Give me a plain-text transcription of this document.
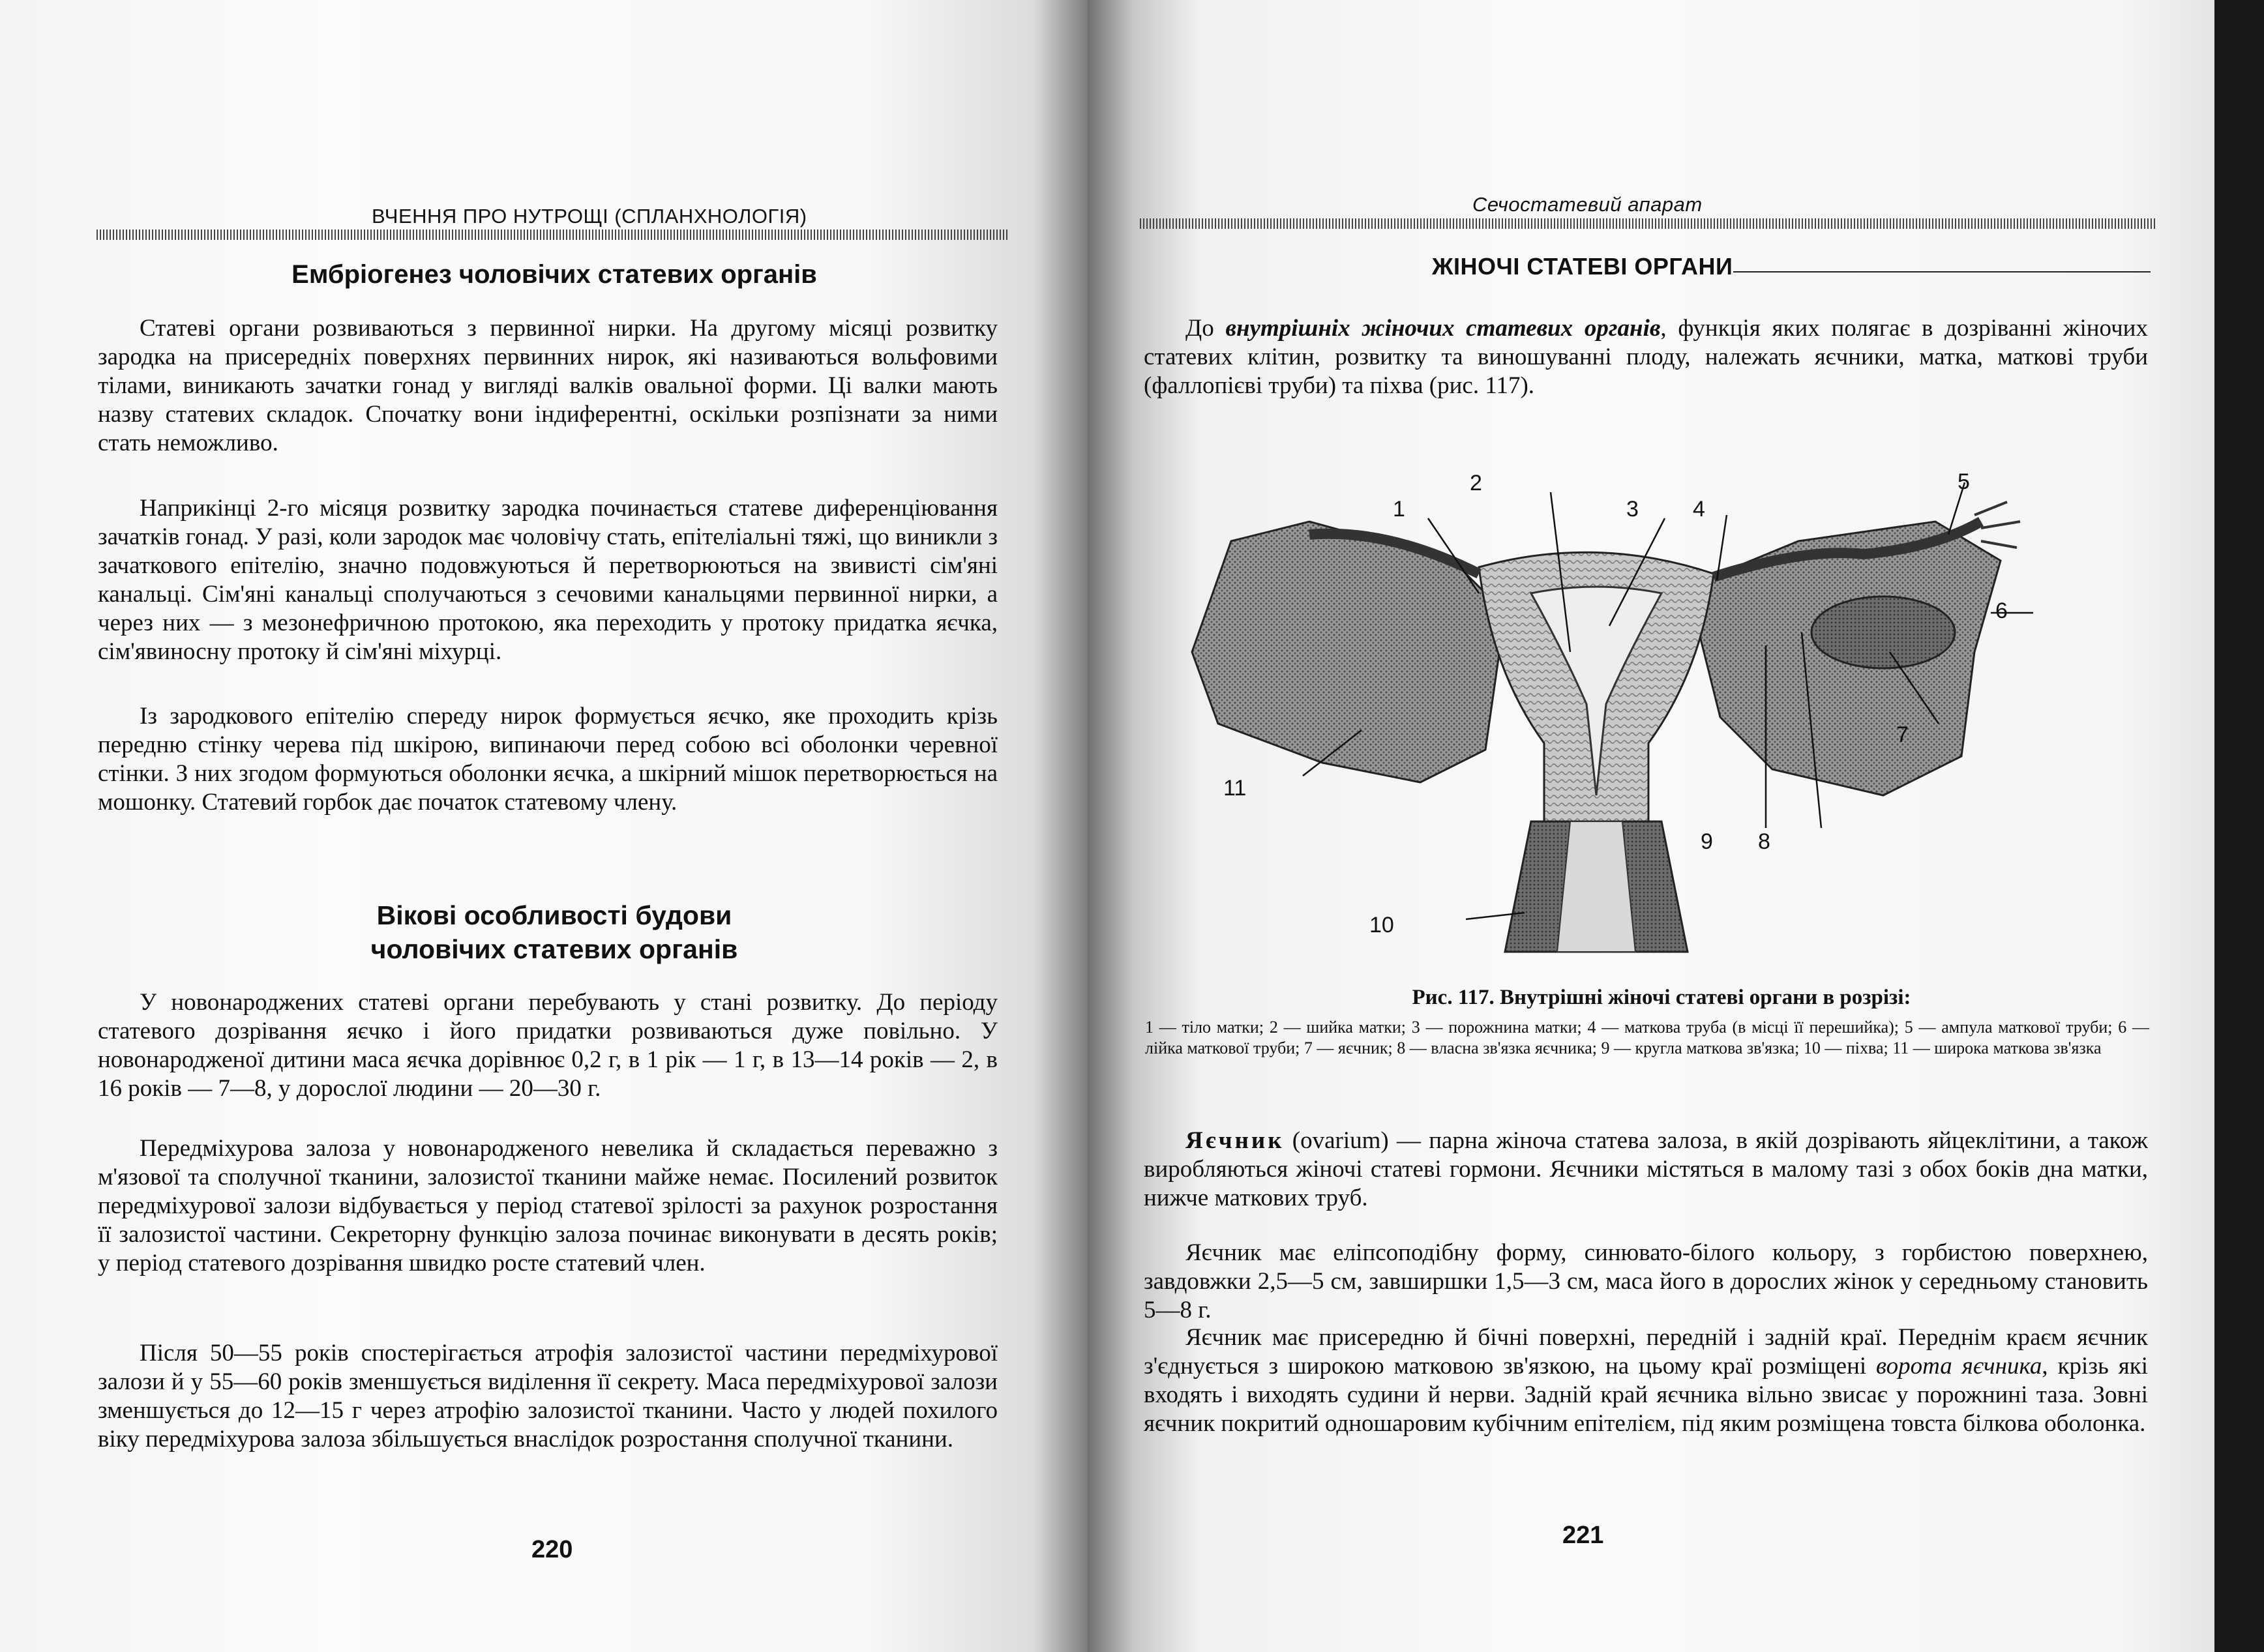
ВЧЕННЯ ПРО НУТРОЩІ (СПЛАНХНОЛОГІЯ)
Ембріогенез чоловічих статевих органів

Статеві органи розвиваються з первинної нирки. На другому місяці розвитку зародка на присередніх поверхнях первинних нирок, які називаються вольфовими тілами, виникають зачатки гонад у вигляді валків овальної форми. Ці валки мають назву статевих складок. Спочатку вони індиферентні, оскільки розпізнати за ними стать неможливо.

Наприкінці 2-го місяця розвитку зародка починається статеве диференціювання зачатків гонад. У разі, коли зародок має чоловічу стать, епітеліальні тяжі, що виникли з зачаткового епітелію, значно подовжуються й перетворюються на звивисті сім'яні канальці. Сім'яні канальці сполучаються з сечовими канальцями первинної нирки, а через них — з мезонефричною протокою, яка переходить у протоку придатка яєчка, сім'явиносну протоку й сім'яні міхурці.

Із зародкового епітелію спереду нирок формується яєчко, яке проходить крізь передню стінку черева під шкірою, випинаючи перед собою всі оболонки черевної стінки. З них згодом формуються оболонки яєчка, а шкірний мішок перетворюється на мошонку. Статевий горбок дає початок статевому члену.

Вікові особливості будови
чоловічих статевих органів

У новонароджених статеві органи перебувають у стані розвитку. До періоду статевого дозрівання яєчко і його придатки розвиваються дуже повільно. У новонародженої дитини маса яєчка дорівнює 0,2 г, в 1 рік — 1 г, в 13—14 років — 2, в 16 років — 7—8, у дорослої людини — 20—30 г.

Передміхурова залоза у новонародженого невелика й складається переважно з м'язової та сполучної тканини, залозистої тканини майже немає. Посилений розвиток передміхурової залози відбувається у період статевої зрілості за рахунок розростання її залозистої частини. Секреторну функцію залоза починає виконувати в десять років; у період статевого дозрівання швидко росте статевий член.

Після 50—55 років спостерігається атрофія залозистої частини передміхурової залози й у 55—60 років зменшується виділення її секрету. Маса передміхурової залози зменшується до 12—15 г через атрофію залозистої тканини. Часто у людей похилого віку передміхурова залоза збільшується внаслідок розростання сполучної тканини.

220
Сечостатевий апарат
ЖІНОЧІ СТАТЕВІ ОРГАНИ

До внутрішніх жіночих статевих органів, функція яких полягає в дозріванні жіночих статевих клітин, розвитку та виношуванні плоду, належать яєчники, матка, маткові труби (фаллопієві труби) та піхва (рис. 117).

1
2
3 4
5
6
7
8
9
10
11
Рис. 117. Внутрішні жіночі статеві органи в розрізі:
1 — тіло матки; 2 — шийка матки; 3 — порожнина матки; 4 — маткова труба (в місці її перешийка); 5 — ампула маткової труби; 6 — лійка маткової труби; 7 — яєчник; 8 — власна зв'язка яєчника; 9 — кругла маткова зв'язка; 10 — піхва; 11 — широка маткова зв'язка

Яєчник (ovarium) — парна жіноча статева залоза, в якій дозрівають яйцеклітини, а також виробляються жіночі статеві гормони. Яєчники містяться в малому тазі з обох боків дна матки, нижче маткових труб.

Яєчник має еліпсоподібну форму, синювато-білого кольору, з горбистою поверхнею, завдовжки 2,5—5 см, завширшки 1,5—3 см, маса його в дорослих жінок у середньому становить 5—8 г.

Яєчник має присередню й бічні поверхні, передній і задній краї. Переднім краєм яєчник з'єднується з широкою матковою зв'язкою, на цьому краї розміщені ворота яєчника, крізь які входять і виходять судини й нерви. Задній край яєчника вільно звисає у порожнині таза. Зовні яєчник покритий одношаровим кубічним епітелієм, під яким розміщена товста білкова оболонка.

221
